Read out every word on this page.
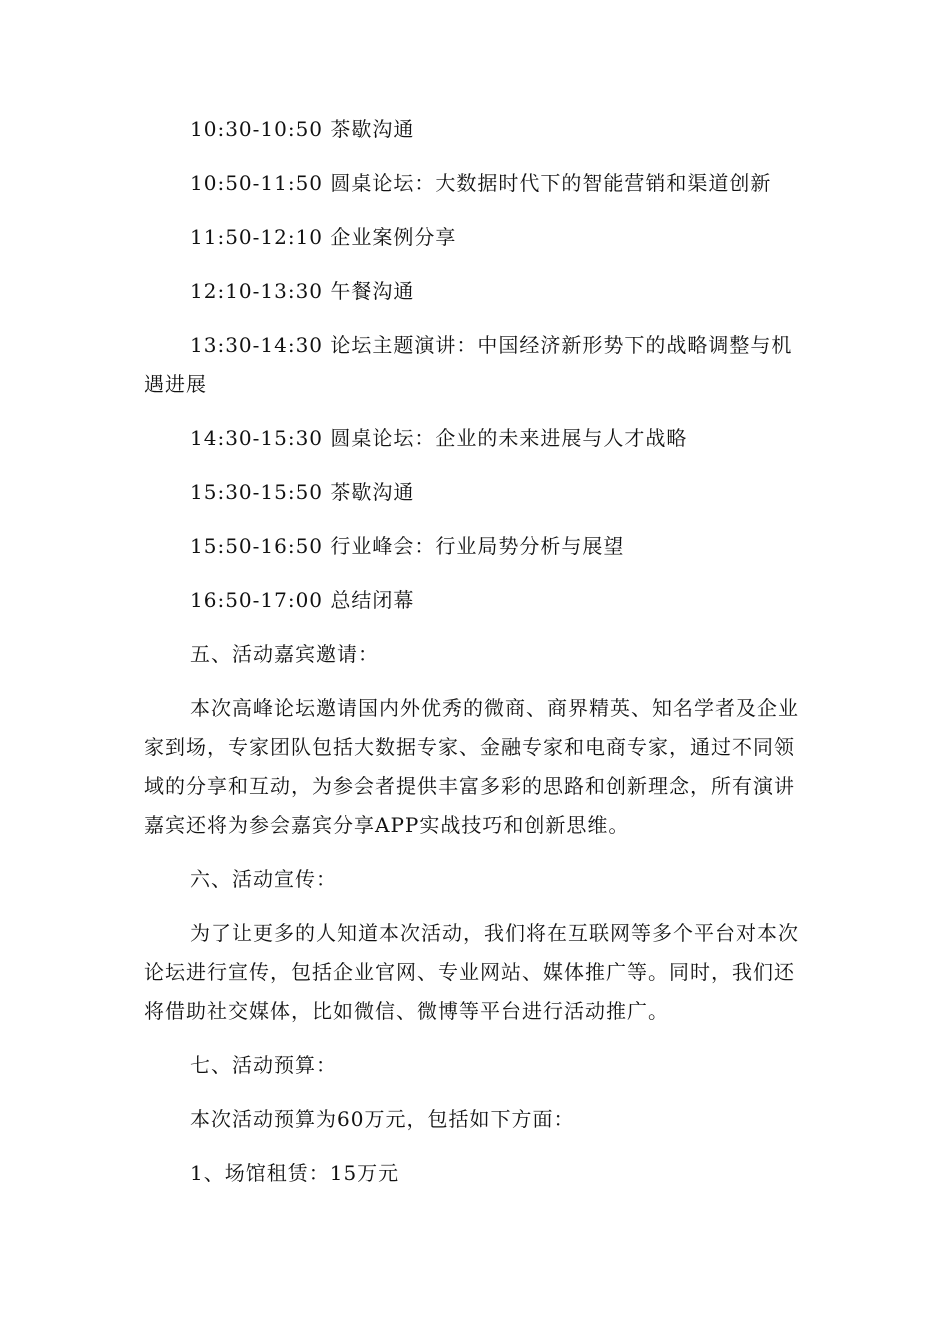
10:30-10:50 茶歇沟通

10:50-11:50 圆桌论坛：大数据时代下的智能营销和渠道创新

11:50-12:10 企业案例分享

12:10-13:30 午餐沟通

13:30-14:30 论坛主题演讲：中国经济新形势下的战略调整与机遇进展

14:30-15:30 圆桌论坛：企业的未来进展与人才战略

15:30-15:50 茶歇沟通

15:50-16:50 行业峰会：行业局势分析与展望

16:50-17:00 总结闭幕

五、活动嘉宾邀请：

本次高峰论坛邀请国内外优秀的微商、商界精英、知名学者及企业家到场，专家团队包括大数据专家、金融专家和电商专家，通过不同领域的分享和互动，为参会者提供丰富多彩的思路和创新理念，所有演讲嘉宾还将为参会嘉宾分享APP实战技巧和创新思维。

六、活动宣传：

为了让更多的人知道本次活动，我们将在互联网等多个平台对本次论坛进行宣传，包括企业官网、专业网站、媒体推广等。同时，我们还将借助社交媒体，比如微信、微博等平台进行活动推广。

七、活动预算：

本次活动预算为60万元，包括如下方面：

1、场馆租赁：15万元
